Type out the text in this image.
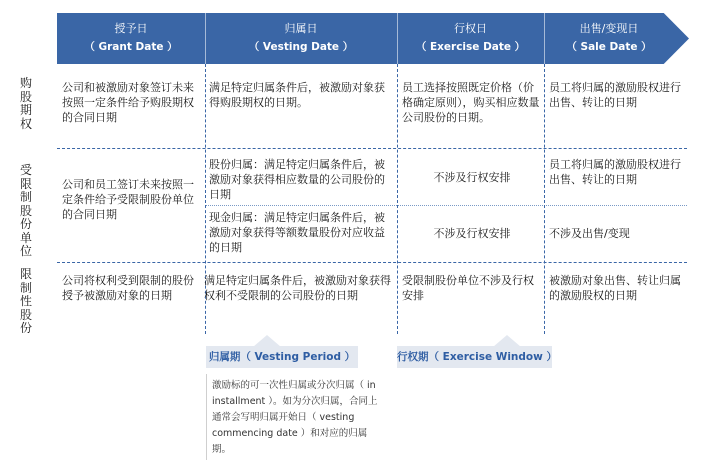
授予日
（ Grant Date ）
归属日
（ Vesting Date ）
行权日
（ Exercise Date ）
出售/变现日
（ Sale Date ）
购股期权
受限制股份单位
限制性股份
公司和被激励对象签订未来按照一定条件给予购股期权的合同日期
满足特定归属条件后，被激励对象获得购股期权的日期。
员工选择按照既定价格（价格确定原则），购买相应数量公司股份的日期。
员工将归属的激励股权进行出售、转让的日期
公司和员工签订未来按照一定条件给予受限制股份单位的合同日期
股份归属：满足特定归属条件后，被激励对象获得相应数量的公司股份的日期
不涉及行权安排
员工将归属的激励股权进行出售、转让的日期
现金归属：满足特定归属条件后，被激励对象获得等额数量股份对应收益的日期
不涉及行权安排	不涉及出售/变现
公司将权利受到限制的股份授予被激励对象的日期
满足特定归属条件后，被激励对象获得权利不受限制的公司股份的日期
受限制股份单位不涉及行权安排
被激励对象出售、转让归属的激励股权的日期
归属期（ Vesting Period ）	行权期（ Exercise Window ）
激励标的可一次性归属或分次归属（ in installment ）。如为分次归属，合同上通常会写明归属开始日（ vesting commencing date ）和对应的归属期。
